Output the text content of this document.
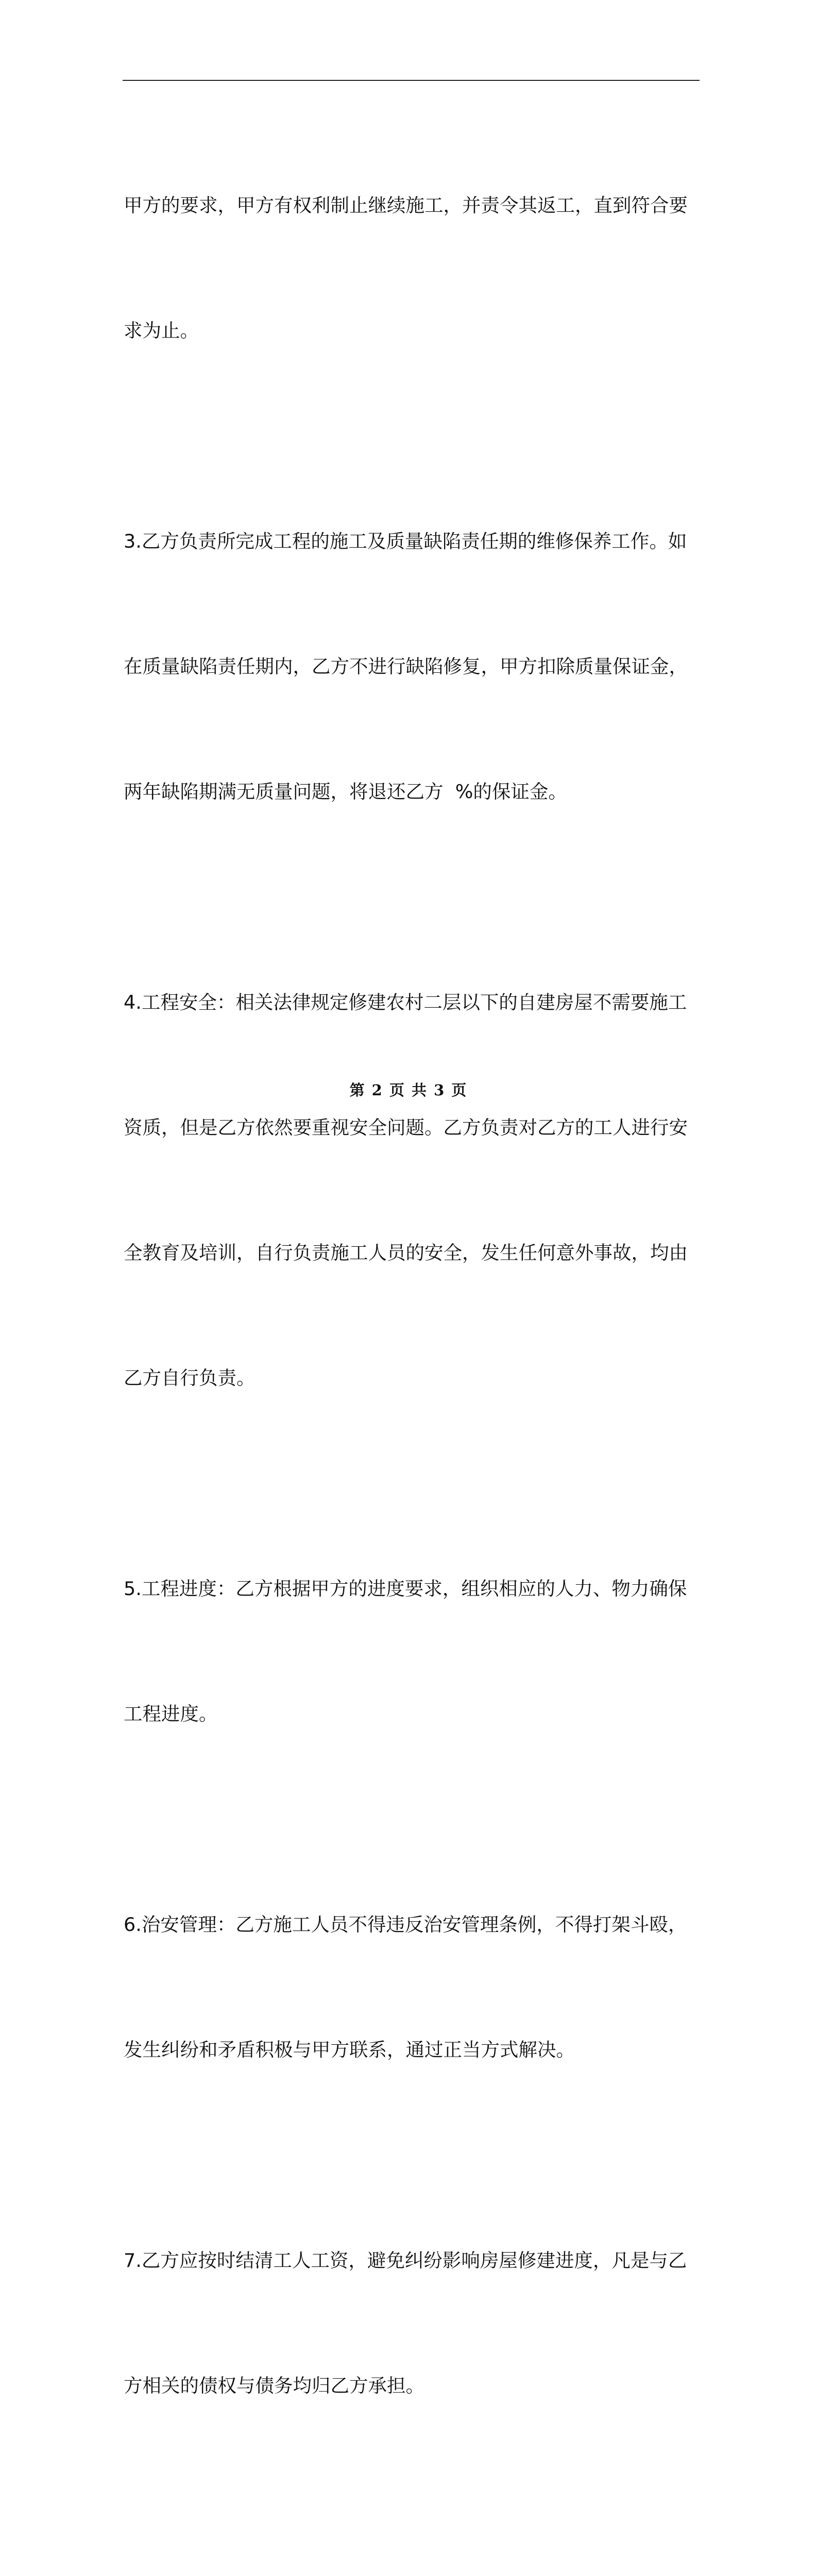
甲方的要求，甲方有权利制止继续施工，并责令其返工，直到符合要

求为止。

3.乙方负责所完成工程的施工及质量缺陷责任期的维修保养工作。如

在质量缺陷责任期内，乙方不进行缺陷修复，甲方扣除质量保证金，

两年缺陷期满无质量问题，将退还乙方  %的保证金。

4.工程安全：相关法律规定修建农村二层以下的自建房屋不需要施工

资质，但是乙方依然要重视安全问题。乙方负责对乙方的工人进行安

全教育及培训，自行负责施工人员的安全，发生任何意外事故，均由

乙方自行负责。

5.工程进度：乙方根据甲方的进度要求，组织相应的人力、物力确保

工程进度。

6.治安管理：乙方施工人员不得违反治安管理条例，不得打架斗殴，

发生纠纷和矛盾积极与甲方联系，通过正当方式解决。

7.乙方应按时结清工人工资，避免纠纷影响房屋修建进度，凡是与乙

方相关的债权与债务均归乙方承担。

第 2 页 共 3 页
